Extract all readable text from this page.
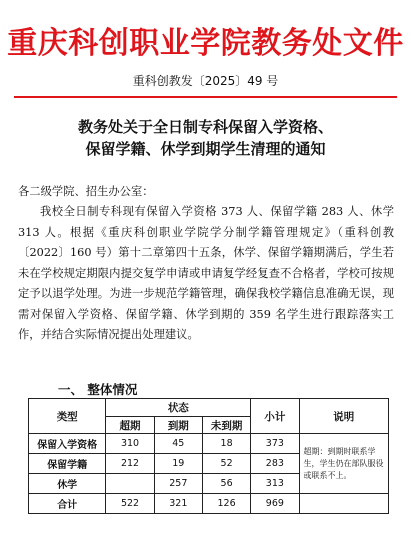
重庆科创职业学院教务处文件
重科创教发〔2025〕49 号
教务处关于全日制专科保留入学资格、
保留学籍、休学到期学生清理的通知
各二级学院、招生办公室：
我校全日制专科现有保留入学资格 373 人、保留学籍 283 人、休学 313 人。根据《重庆科创职业学院学分制学籍管理规定》（重科创教〔2022〕160 号）第十二章第四十五条，休学、保留学籍期满后，学生若未在学校规定期限内提交复学申请或申请复学经复查不合格者，学校可按规定予以退学处理。为进一步规范学籍管理，确保我校学籍信息准确无误，现需对保留入学资格、保留学籍、休学到期的 359 名学生进行跟踪落实工作，并结合实际情况提出处理建议。
一、 整体情况
类型	状态			小计	说明
	超期	到期	未到期		
保留入学资格	310	45	18	373	超期：到期时联系学生，学生仍在部队服役或联系不上。
保留学籍	212	19	52	283	
休学		257	56	313	
合计	522	321	126	969	
